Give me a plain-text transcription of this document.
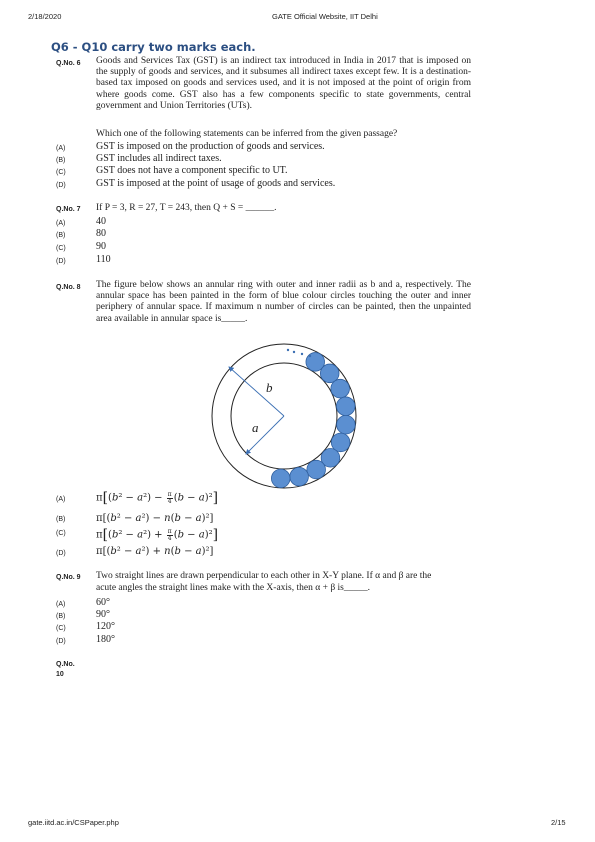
2/18/2020	GATE Official Website, IIT Delhi
Q6 - Q10 carry two marks each.
Q.No. 6 Goods and Services Tax (GST) is an indirect tax introduced in India in 2017 that is imposed on the supply of goods and services, and it subsumes all indirect taxes except few. It is a destination-based tax imposed on goods and services used, and it is not imposed at the point of origin from where goods come. GST also has a few components specific to state governments, central government and Union Territories (UTs).
Which one of the following statements can be inferred from the given passage?
(A)	GST is imposed on the production of goods and services.
(B)	GST includes all indirect taxes.
(C)	GST does not have a component specific to UT.
(D)	GST is imposed at the point of usage of goods and services.
Q.No. 7 If P = 3, R = 27, T = 243, then Q + S = ______.
(A)	40
(B)	80
(C)	90
(D)	110
Q.No. 8 The figure below shows an annular ring with outer and inner radii as b and a, respectively. The annular space has been painted in the form of blue colour circles touching the outer and inner periphery of annular space. If maximum n number of circles can be painted, then the unpainted area available in annular space is_____.
b
a
(A)	$\pi[(b^2 - a^2) - \frac{\pi}{4} (b - a)^2]$
(B)	π[(b² − a²) − n(b − a)²]
(C)	$\pi[(b^2 - a^2) + \frac{\pi}{4} (b - a)^2]$
(D)	π[(b² − a²) + n(b − a)²]
Q.No. 9 Two straight lines are drawn perpendicular to each other in X-Y plane. If α and β are the
acute angles the straight lines make with the X-axis, then α + β is_____.
(A)	60°
(B)	90°
(C)	120°
(D)	180°
Q.No.
10
gate.iitd.ac.in/CSPaper.php	2/15
